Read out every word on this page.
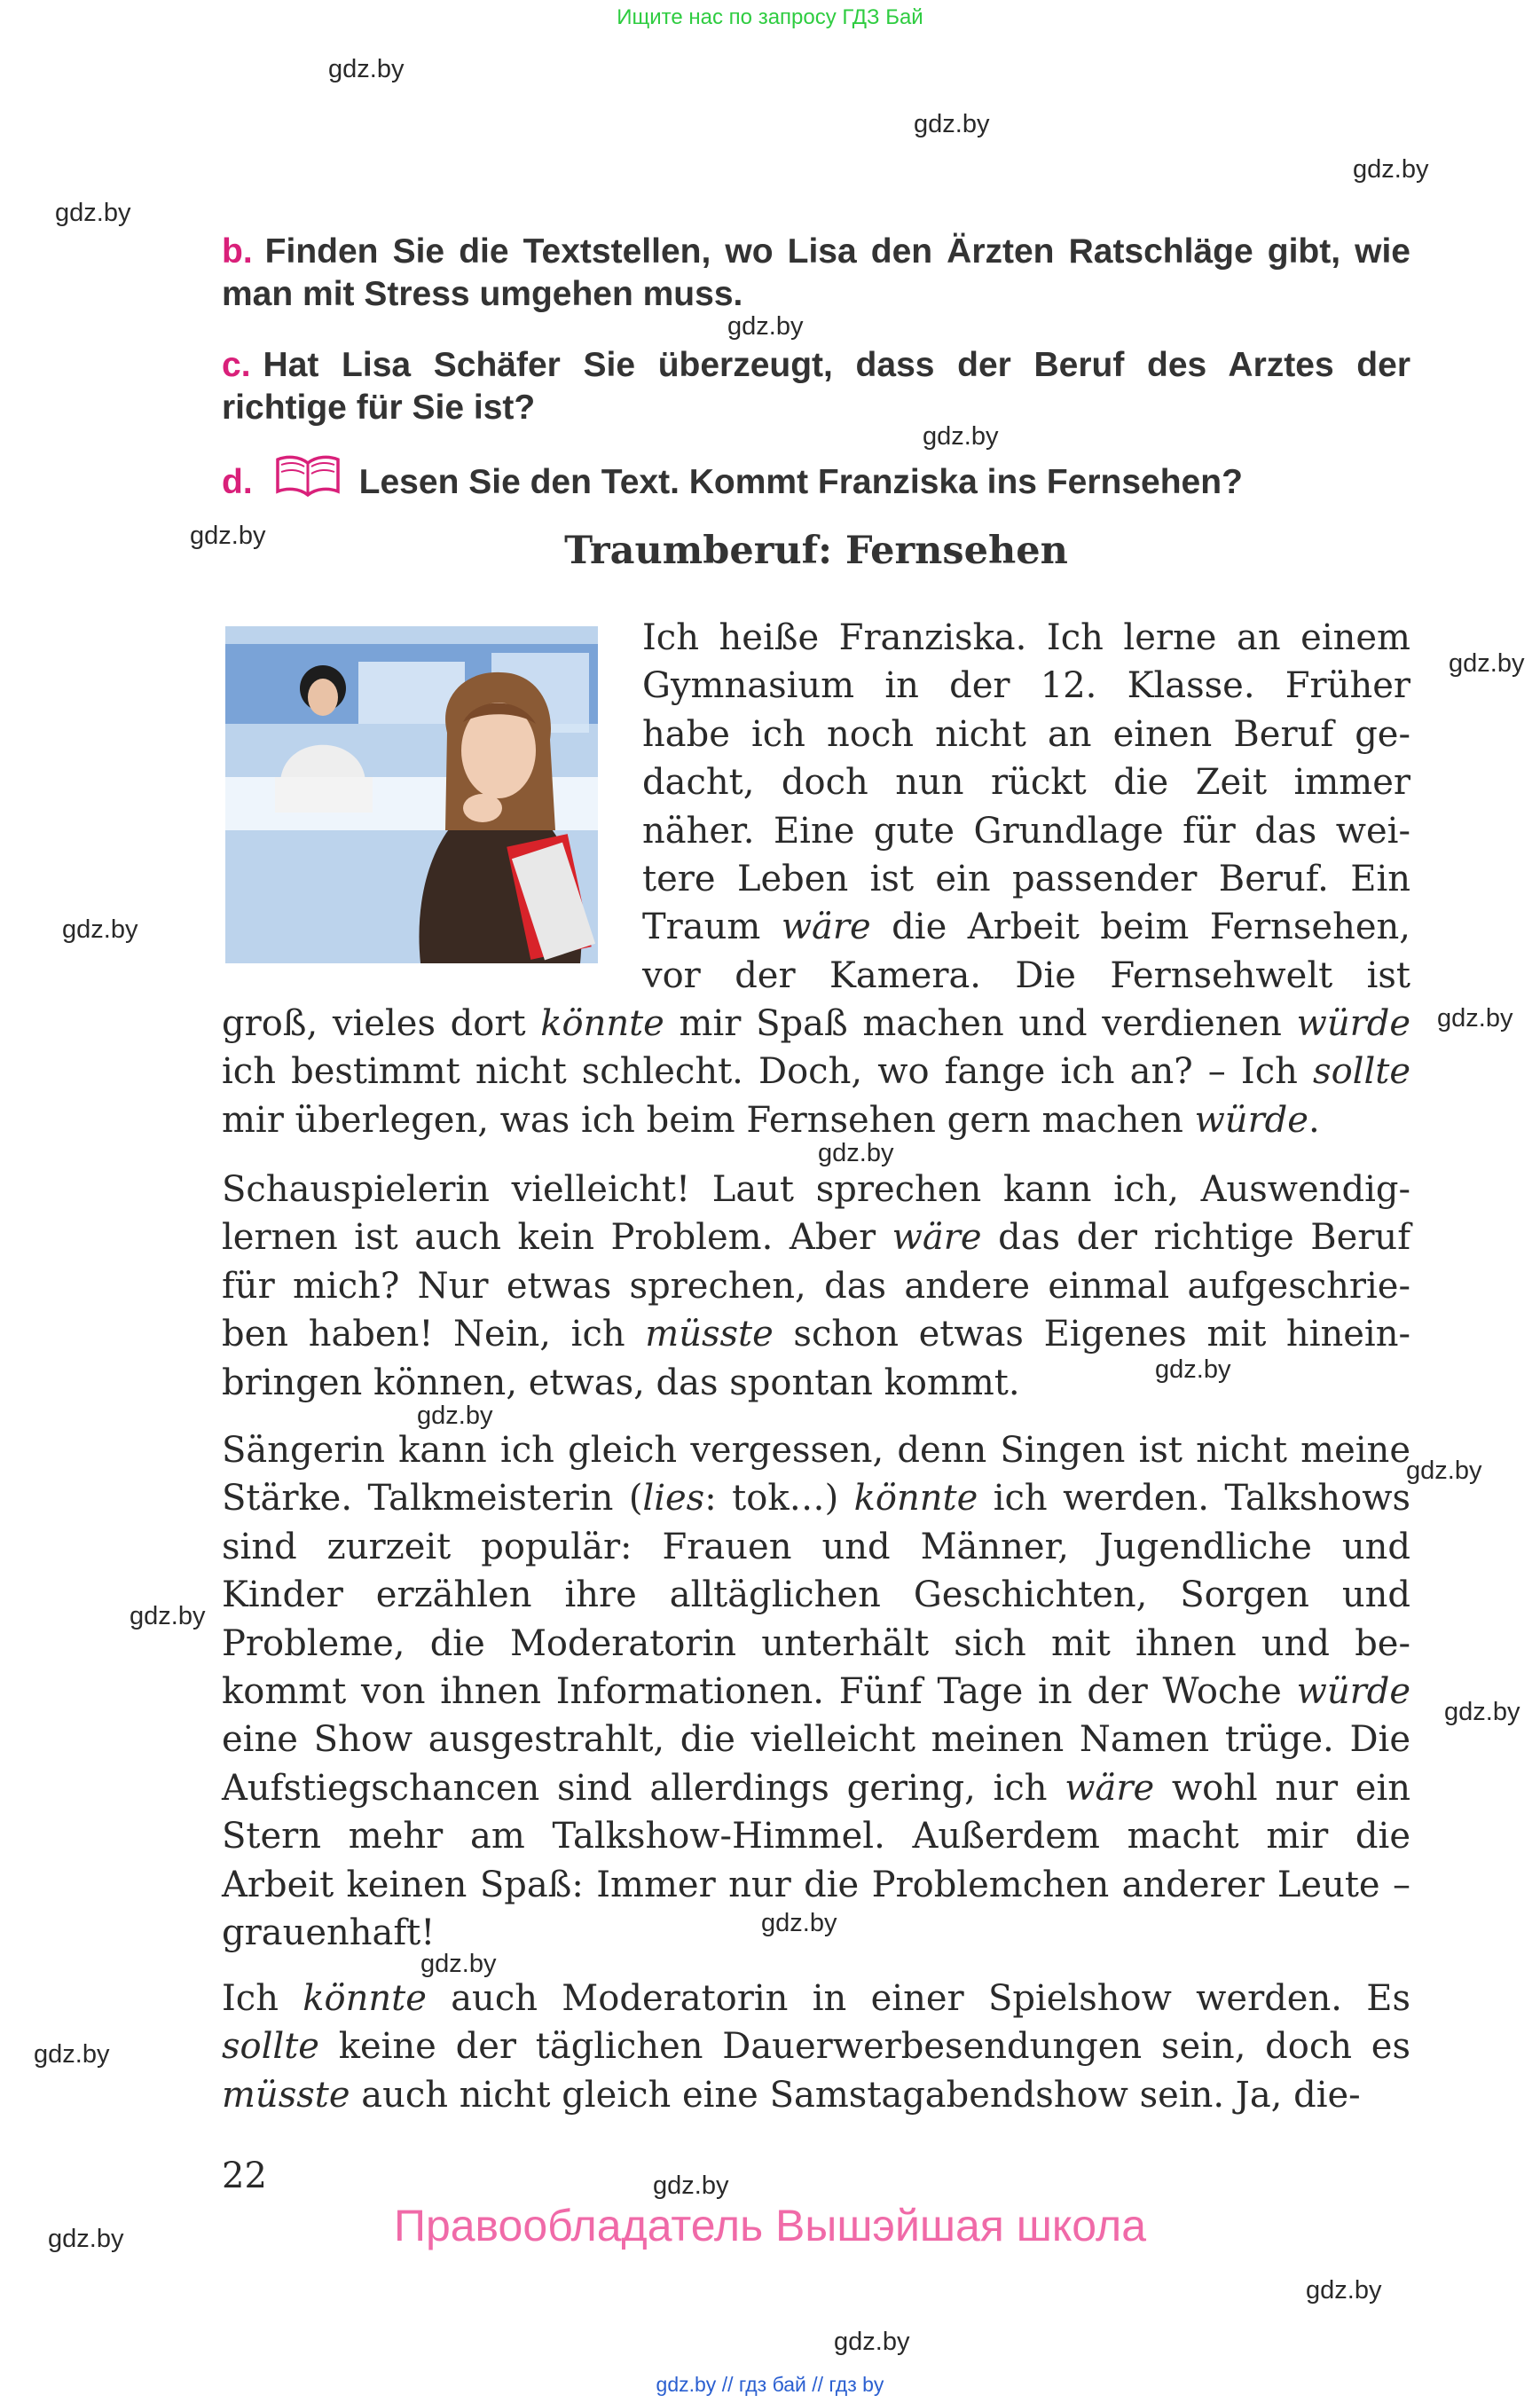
Ищите нас по запросу ГДЗ Бай
gdz.by
gdz.by
gdz.by
gdz.by
gdz.by
gdz.by
gdz.by
gdz.by
gdz.by
gdz.by
gdz.by
gdz.by
gdz.by
gdz.by
gdz.by
gdz.by
gdz.by
gdz.by
gdz.by
gdz.by
gdz.by
gdz.by
gdz.by
b. Finden Sie die Textstellen, wo Lisa den Ärzten Ratschläge gibt, wie man mit Stress umgehen muss.
c. Hat Lisa Schäfer Sie überzeugt, dass der Beruf des Arztes der richtige für Sie ist?
d.	Lesen Sie den Text. Kommt Franziska ins Fernsehen?
Traumberuf: Fernsehen
Ich heiße Franziska. Ich lerne an einem
Gymnasium in der 12. Klasse. Früher
habe ich noch nicht an einen Beruf ge-
dacht, doch nun rückt die Zeit immer
näher. Eine gute Grundlage für das wei-
tere Leben ist ein passender Beruf. Ein
Traum wäre die Arbeit beim Fernsehen,
vor der Kamera. Die Fernsehwelt ist

groß, vieles dort könnte mir Spaß machen und verdienen würde ich bestimmt nicht schlecht. Doch, wo fange ich an? – Ich sollte mir überlegen, was ich beim Fernsehen gern machen würde.

Schauspielerin vielleicht! Laut sprechen kann ich, Auswendiglernen ist auch kein Problem. Aber wäre das der richtige Beruf für mich? Nur etwas sprechen, das andere einmal aufgeschrieben haben! Nein, ich müsste schon etwas Eigenes mit hineinbringen können, etwas, das spontan kommt.

Sängerin kann ich gleich vergessen, denn Singen ist nicht meine Stärke. Talkmeisterin (lies: tok…) könnte ich werden. Talkshows sind zurzeit populär: Frauen und Männer, Jugendliche und Kinder erzählen ihre alltäglichen Geschichten, Sorgen und Probleme, die Moderatorin unterhält sich mit ihnen und bekommt von ihnen Informationen. Fünf Tage in der Woche würde eine Show ausgestrahlt, die vielleicht meinen Namen trüge. Die Aufstiegschancen sind allerdings gering, ich wäre wohl nur ein Stern mehr am Talkshow-Himmel. Außerdem macht mir die Arbeit keinen Spaß: Immer nur die Problemchen anderer Leute – grauenhaft!

Ich könnte auch Moderatorin in einer Spielshow werden. Es sollte keine der täglichen Dauerwerbesendungen sein, doch es müsste auch nicht gleich eine Samstagabendshow sein. Ja, die-

22
Правообладатель Вышэйшая школа
gdz.by // гдз бай // гдз by
